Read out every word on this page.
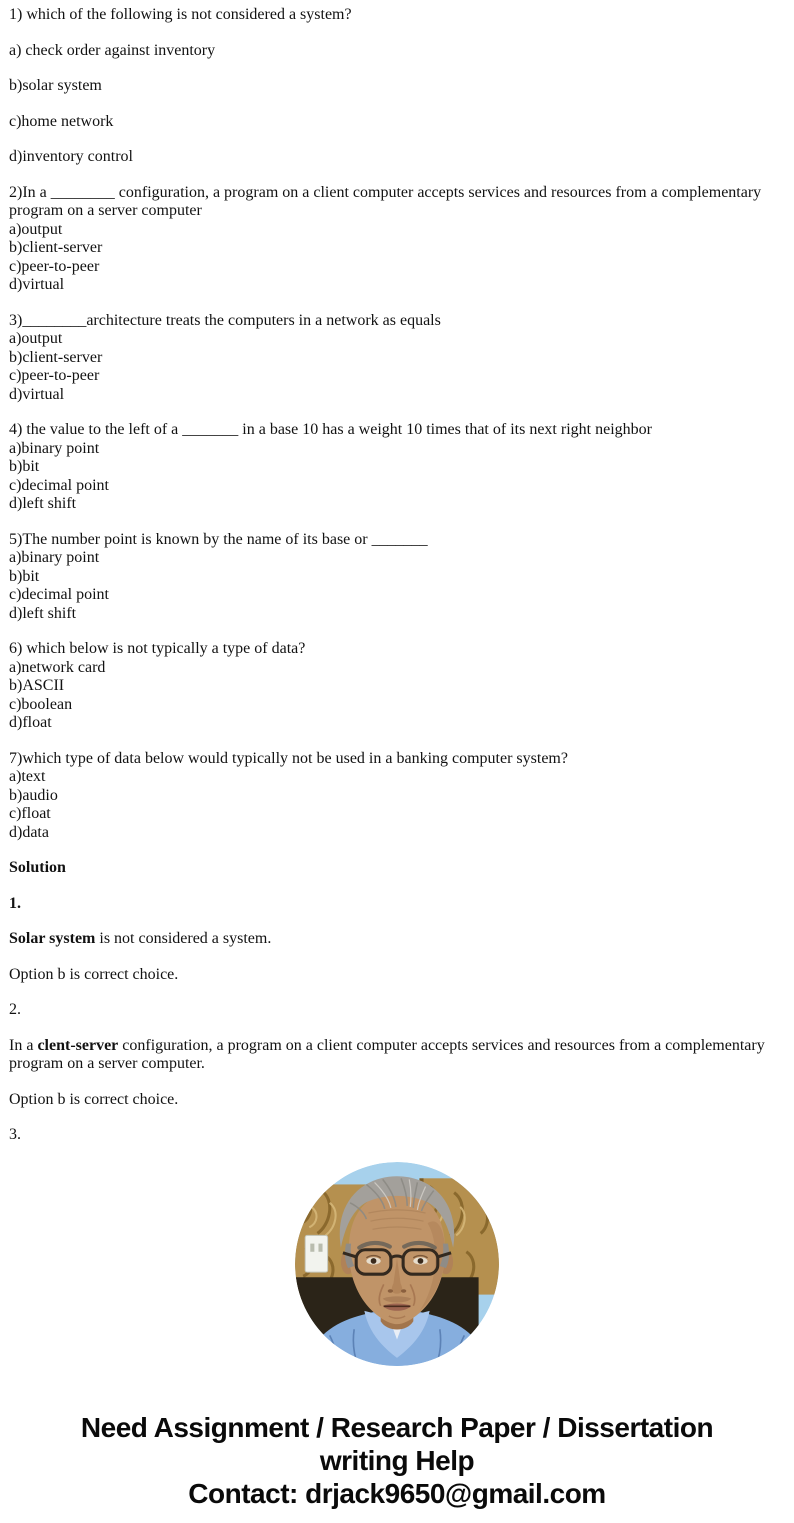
1) which of the following is not considered a system?

a) check order against inventory

b)solar system

c)home network

d)inventory control

2)In a ________ configuration, a program on a client computer accepts services and resources from a complementary program on a server computer
a)output
b)client-server
c)peer-to-peer
d)virtual

3)________architecture treats the computers in a network as equals
a)output
b)client-server
c)peer-to-peer
d)virtual

4) the value to the left of a _______ in a base 10 has a weight 10 times that of its next right neighbor
a)binary point
b)bit
c)decimal point
d)left shift

5)The number point is known by the name of its base or _______
a)binary point
b)bit
c)decimal point
d)left shift

6) which below is not typically a type of data?
a)network card
b)ASCII
c)boolean
d)float

7)which type of data below would typically not be used in a banking computer system?
a)text
b)audio
c)float
d)data

Solution

1.

Solar system is not considered a system.

Option b is correct choice.

2.

In a clent-server configuration, a program on a client computer accepts services and resources from a complementary program on a server computer.

Option b is correct choice.

3.

Need Assignment / Research Paper / Dissertation
writing Help
Contact: drjack9650@gmail.com
